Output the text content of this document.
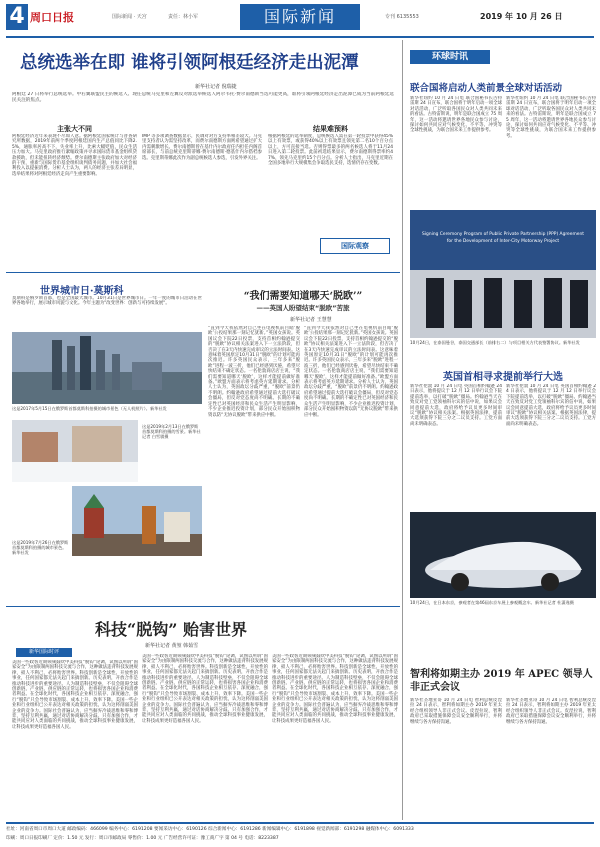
4 周口日报	国际新闻 · 天宫	责任：林小军	国际新闻	专刊 6135553	2019 年 10 月 26 日
总统选举在即 谁将引领阿根廷经济走出泥潭
新华社记者 倪瑞捷
阿根廷 27 日将举行总统选举。中右翼联盟民主的候选人、现任总统马克里和左翼反对派选举候选人阿尔韦托·费尔南德斯当选可能更高，谁将引领阿根廷经济走出泥潭已成为当前阿根廷选民关注的焦点。
主张大不同
阿根廷经济近年来表现不尽如人意。据阿根廷国家统计与普查研究所数据，2019年前两个季度阿根廷国内生产总值同比下降2.5%，通胀率居高不下，失业率上升，比索大幅贬值，民众生活压力加大。马克里政府推行紧缩政策并寻求国际货币基金组织贷款援助，但未能扭转经济颓势。费尔南德斯主张政府加大对经济的干预，重新与国际货币基金组织谈判债务问题，并加大社会福利投入以提振消费。分析人士认为，两人的经济主张差异明显，选举结果将对阿根廷经济走向产生重要影响。
IMP 等多项调查数据显示，民调对对方支持率相差较大。马克里支持者认为需坚持改革，而费尔南德斯方面则希望通过扩大内需刺激增长。费尔南德斯曾在基什内尔政府任内担任内阁首席部长，与前总统克里斯蒂娜·费尔南德斯·德基什内尔搭档参选。克里斯蒂娜此次作为副总统候选人参选，引发外界关注。
结果难预料
根据阿根廷的选举制度，总统候选人需在第一轮投票中获得45%以上有效票，或获得40%以上有效票且领先第二名10个百分点以上，方可直接当选。否则得票最多的两名候选人将于11月24日进入第二轮投票。此前初选结果显示，费尔南德斯得票率约47%，领先马克里约15个百分点。分析人士指出，马克里近期在全国多地举行大规模集会争取选民支持，选情仍存在变数。
国际观察
世界城市日·莫斯科
莫斯科是俄罗斯首都，也是全国最大城市。10月31日是世界城市日。一年一度的城市日活动在世界各地举行，展示城市风貌与文化。今年主题为"改变世界：创新与可持续发展"。
这是2017年5月15日在俄罗斯首都莫斯科拍摄的城市景色（无人机照片）。新华社发
这是2019年2月13日在俄罗斯首都莫斯科拍摄的雪景。新华社记者 白雪骐摄
这是2019年7月26日在俄罗斯首都莫斯科拍摄的城市景色。新华社发
“我们需要知道哪天‘脱欧’”
——英国人盼望结束“脱欧”苦旅
新华社记者 王慧慧
“直到今天我依然对自己坐在电视机前目睹‘脱欧’公投结果那一刻记忆犹新。”英国女孩说。英国议会下院22日投票，支持首相约翰逊提交的“脱欧”协议相关法案进入下一立法阶段，但否决了在3天内快速完成审议的立法时间表。这意味着英国原定10月31日“脱欧”的计划可能再次推迟。许多英国民众表示，三年多来“脱欧”进程一波三折，他们已经感到厌倦，希望尽快结束不确定状态。一名伦敦商店店主说，“我们需要知道哪天‘脱欧’，这样才能提前做好准备。”欧盟方面表示将考虑英方延期请求。分析人士认为，英国政坛分歧严重，“脱欧”前景仍不明朗。约翰逊政府希望通过提前大选打破议会僵局，但反对党态度尚不明确。长期的不确定性已对英国经济和民众生活产生明显影响，不少企业推迟投资计划，部分民众开始囤积物资以防“无协议脱欧”带来供应中断。
“直到今天我依然对自己坐在电视机前目睹‘脱欧’公投结果那一刻记忆犹新。”英国女孩说。英国议会下院22日投票，支持首相约翰逊提交的“脱欧”协议相关法案进入下一立法阶段，但否决了在3天内快速完成审议的立法时间表。这意味着英国原定10月31日“脱欧”的计划可能再次推迟。许多英国民众表示，三年多来“脱欧”进程一波三折，他们已经感到厌倦，希望尽快结束不确定状态。一名伦敦商店店主说，“我们需要知道哪天‘脱欧’，这样才能提前做好准备。”欧盟方面表示将考虑英方延期请求。分析人士认为，英国政坛分歧严重，“脱欧”前景仍不明朗。约翰逊政府希望通过提前大选打破议会僵局，但反对党态度尚不明确。长期的不确定性已对英国经济和民众生活产生明显影响，不少企业推迟投资计划，部分民众开始囤积物资以防“无协议脱欧”带来供应中断。
科技“脱钩” 贻害世界
新华社记者 黄堃 韩茹雪
新华国际时评
美国一些政客近期频频鼓吹中美科技“脱钩”论调，试图以所谓“国家安全”为由限制两国科技交流与合作，这种做法违背科技发展规律，损人不利己，必将贻害世界。科技创新是全球性、开放性的事业，任何国家都无法关起门来搞创新。历史表明，开放合作是推动科技进步的重要途径。人为制造科技壁垒，不仅会阻碍全球创新链、产业链、供应链的正常运转，也将损害各国企业和消费者利益。在全球化时代，各国科技企业相互依存、深度融合，强行“脱钩”只会导致市场割裂、成本上升、效率下降。美国一些企业和行业组织已公开表达对相关政策的担忧，认为这将削弱美国企业的竞争力。国际社会普遍认为，应当摒弃冷战思维和零和博弈，坚持互利共赢，通过对话协商解决分歧。只有加强合作，才能共同应对人类面临的共同挑战，推动全球科技事业健康发展，让科技成果更好造福各国人民。
美国一些政客近期频频鼓吹中美科技“脱钩”论调，试图以所谓“国家安全”为由限制两国科技交流与合作，这种做法违背科技发展规律，损人不利己，必将贻害世界。科技创新是全球性、开放性的事业，任何国家都无法关起门来搞创新。历史表明，开放合作是推动科技进步的重要途径。人为制造科技壁垒，不仅会阻碍全球创新链、产业链、供应链的正常运转，也将损害各国企业和消费者利益。在全球化时代，各国科技企业相互依存、深度融合，强行“脱钩”只会导致市场割裂、成本上升、效率下降。美国一些企业和行业组织已公开表达对相关政策的担忧，认为这将削弱美国企业的竞争力。国际社会普遍认为，应当摒弃冷战思维和零和博弈，坚持互利共赢，通过对话协商解决分歧。只有加强合作，才能共同应对人类面临的共同挑战，推动全球科技事业健康发展，让科技成果更好造福各国人民。
美国一些政客近期频频鼓吹中美科技“脱钩”论调，试图以所谓“国家安全”为由限制两国科技交流与合作，这种做法违背科技发展规律，损人不利己，必将贻害世界。科技创新是全球性、开放性的事业，任何国家都无法关起门来搞创新。历史表明，开放合作是推动科技进步的重要途径。人为制造科技壁垒，不仅会阻碍全球创新链、产业链、供应链的正常运转，也将损害各国企业和消费者利益。在全球化时代，各国科技企业相互依存、深度融合，强行“脱钩”只会导致市场割裂、成本上升、效率下降。美国一些企业和行业组织已公开表达对相关政策的担忧，认为这将削弱美国企业的竞争力。国际社会普遍认为，应当摒弃冷战思维和零和博弈，坚持互利共赢，通过对话协商解决分歧。只有加强合作，才能共同应对人类面临的共同挑战，推动全球科技事业健康发展，让科技成果更好造福各国人民。
环球时讯
联合国将启动人类前景全球对话活动
新华社纽约 10 月 24 日电 联合国秘书长古特雷斯 24 日宣布，联合国将于明年启动一项全球对话活动，广泛听取各国民众对人类共同未来的看法。古特雷斯说，明年是联合国成立 75 周年，这一活动将邀请世界各地民众参与讨论，探讨如何共同应对气候变化、不平等、冲突等全球性挑战，为联合国未来工作提供参考。
新华社纽约 10 月 24 日电 联合国秘书长古特雷斯 24 日宣布，联合国将于明年启动一项全球对话活动，广泛听取各国民众对人类共同未来的看法。古特雷斯说，明年是联合国成立 75 周年，这一活动将邀请世界各地民众参与讨论，探讨如何共同应对气候变化、不平等、冲突等全球性挑战，为联合国未来工作提供参考。
Signing Ceremony Program of Public Private Partnership (PPP) Agreement
for the Development of Inter-City Motorway Project
10月24日，在泰国曼谷，泰国交通部长（前排右二）与项目相关方代表签署协议。新华社发
英国首相寻求提前举行大选
新华社伦敦 10 月 24 日电 英国首相约翰逊 24 日表示，他将提议于 12 月 12 日举行议会下院提前选举，以打破“脱欧”僵局。约翰逊当天在致反对党工党领袖科尔宾的信中说，如果议会同意提前大选，政府将给予议员更多时间审议“脱欧”协议相关法案。根据英国法律，提前大选须获得下院三分之二议员支持。工党方面尚未明确表态。
新华社伦敦 10 月 24 日电 英国首相约翰逊 24 日表示，他将提议于 12 月 12 日举行议会下院提前选举，以打破“脱欧”僵局。约翰逊当天在致反对党工党领袖科尔宾的信中说，如果议会同意提前大选，政府将给予议员更多时间审议“脱欧”协议相关法案。根据英国法律，提前大选须获得下院三分之二议员支持。工党方面尚未明确表态。
10月24日，在日本东京，参观者在第46届东京车展上参观概念车。新华社记者 杜潇逸摄
智利将如期主办 2019 年 APEC 领导人非正式会议
新华社圣地亚哥 10 月 24 日电 智利总统皮涅拉 24 日表示，智利将如期主办 2019 年亚太经合组织领导人非正式会议。皮涅拉说，智利政府已采取措施保障会议安全顺利举行，并将继续与各方保持沟通。
新华社圣地亚哥 10 月 24 日电 智利总统皮涅拉 24 日表示，智利将如期主办 2019 年亚太经合组织领导人非正式会议。皮涅拉说，智利政府已采取措施保障会议安全顺利举行，并将继续与各方保持沟通。
社址：河南省周口市周口大道 邮政编码：466099 编务中心：6191208 要闻采访中心：6190126 综合新闻中心：6191286 新闻编辑中心：6191898 视觉新闻部：6191298 融媒体中心：6091333
印刷：周口日报印刷厂 定价：1.50 元 发行：周口市邮政局 零售价：1.00 元 广告经营许可证：豫工商广字 第 04 号 电话：8223387
